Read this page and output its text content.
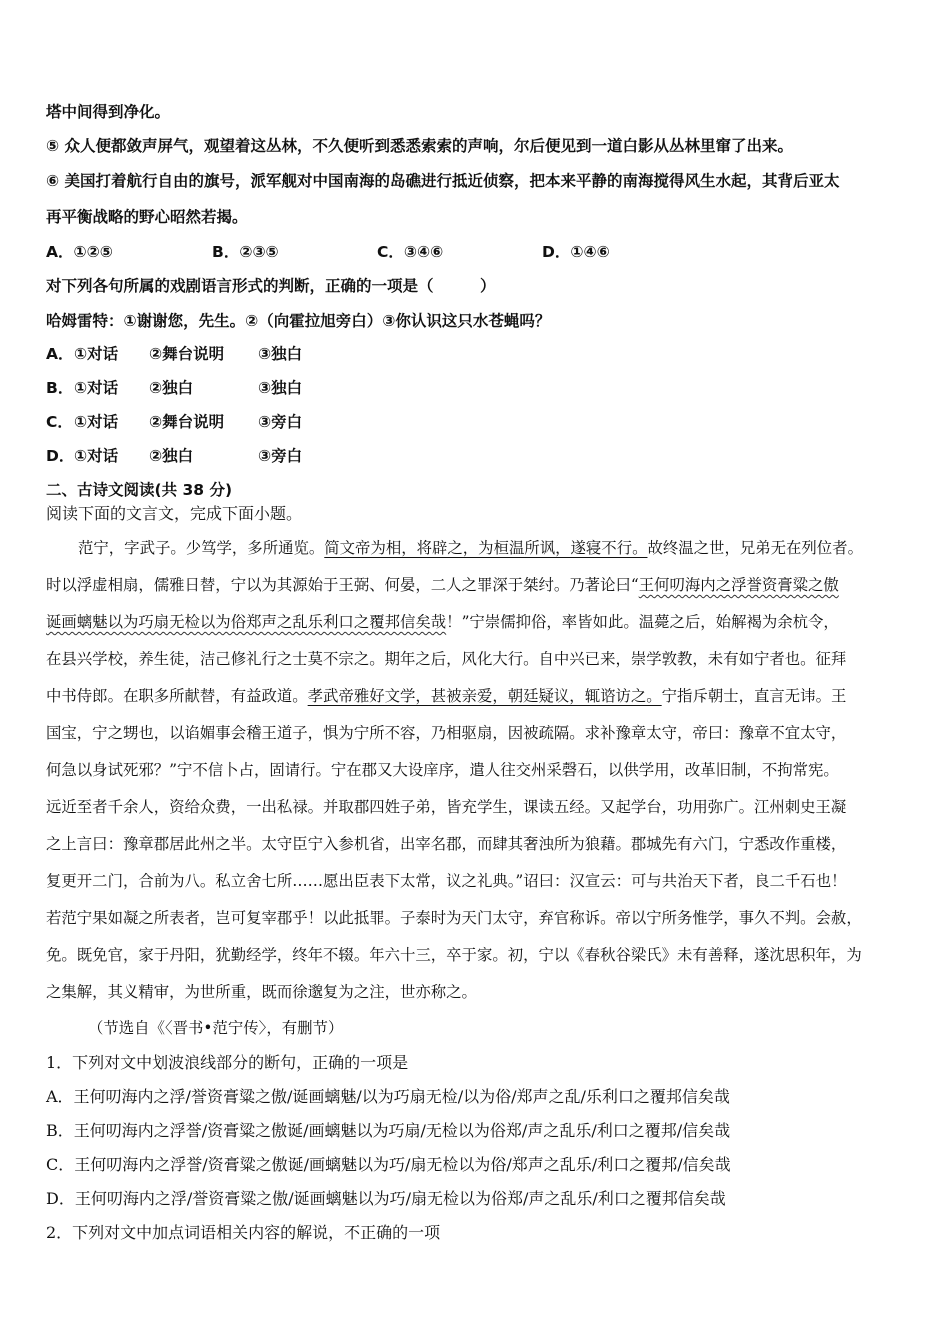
塔中间得到净化。
⑤ 众人便都敛声屏气，观望着这丛林，不久便听到悉悉索索的声响，尔后便见到一道白影从丛林里窜了出来。
⑥ 美国打着航行自由的旗号，派军舰对中国南海的岛礁进行抵近侦察，把本来平静的南海搅得风生水起，其背后亚太
再平衡战略的野心昭然若揭。
A．①②⑤	B．②③⑤	C．③④⑥	D．①④⑥
对下列各句所属的戏剧语言形式的判断，正确的一项是（　　　）
哈姆雷特：①谢谢您，先生。②（向霍拉旭旁白）③你认识这只水苍蝇吗？
A． ①对话 ②舞台说明 ③独白
B． ①对话 ②独白	③独白
C． ①对话 ②舞台说明 ③旁白
D． ①对话 ②独白	③旁白
二、古诗文阅读(共 38 分)
阅读下面的文言文，完成下面小题。
范宁，字武子。少笃学，多所通览。简文帝为相，将辟之，为桓温所讽，遂寝不行。故终温之世，兄弟无在列位者。
时以浮虚相扇，儒雅日替，宁以为其源始于王弼、何晏，二人之罪深于桀纣。乃著论曰“王何叨海内之浮誉资膏粱之傲
诞画螭魅以为巧扇无检以为俗郑声之乱乐利口之覆邦信矣哉！”宁崇儒抑俗，率皆如此。温薨之后，始解褐为余杭令，
在县兴学校，养生徒，洁己修礼行之士莫不宗之。期年之后，风化大行。自中兴已来，崇学敦教，未有如宁者也。征拜
中书侍郎。在职多所献替，有益政道。孝武帝雅好文学，甚被亲爱，朝廷疑议，辄谘访之。宁指斥朝士，直言无讳。王
国宝，宁之甥也，以谄媚事会稽王道子，惧为宁所不容，乃相驱扇，因被疏隔。求补豫章太守，帝曰：豫章不宜太守，
何急以身试死邪？”宁不信卜占，固请行。宁在郡又大设庠序，遣人往交州采磬石，以供学用，改革旧制，不拘常宪。
远近至者千余人，资给众费，一出私禄。并取郡四姓子弟，皆充学生，课读五经。又起学台，功用弥广。江州刺史王凝
之上言曰：豫章郡居此州之半。太守臣宁入参机省，出宰名郡，而肆其奢浊所为狼藉。郡城先有六门，宁悉改作重楼，
复更开二门，合前为八。私立舍七所……愿出臣表下太常，议之礼典。”诏曰：汉宣云：可与共治天下者，良二千石也！
若范宁果如凝之所表者，岂可复宰郡乎！以此抵罪。子泰时为天门太守，弃官称诉。帝以宁所务惟学，事久不判。会赦，
免。既免官，家于丹阳，犹勤经学，终年不辍。年六十三，卒于家。初，宁以《春秋谷梁氏》未有善释，遂沈思积年，为
之集解，其义精审，为世所重，既而徐邈复为之注，世亦称之。
（节选自《〈晋书•范宁传〉，有删节）
1．下列对文中划波浪线部分的断句，正确的一项是
A．王何叨海内之浮/誉资膏粱之傲/诞画螭魅/以为巧扇无检/以为俗/郑声之乱/乐利口之覆邦信矣哉
B．王何叨海内之浮誉/资膏粱之傲诞/画螭魅以为巧扇/无检以为俗郑/声之乱乐/利口之覆邦/信矣哉
C．王何叨海内之浮誉/资膏粱之傲诞/画螭魅以为巧/扇无检以为俗/郑声之乱乐/利口之覆邦/信矣哉
D．王何叨海内之浮/誉资膏粱之傲/诞画螭魅以为巧/扇无检以为俗郑/声之乱乐/利口之覆邦信矣哉
2．下列对文中加点词语相关内容的解说，不正确的一项
